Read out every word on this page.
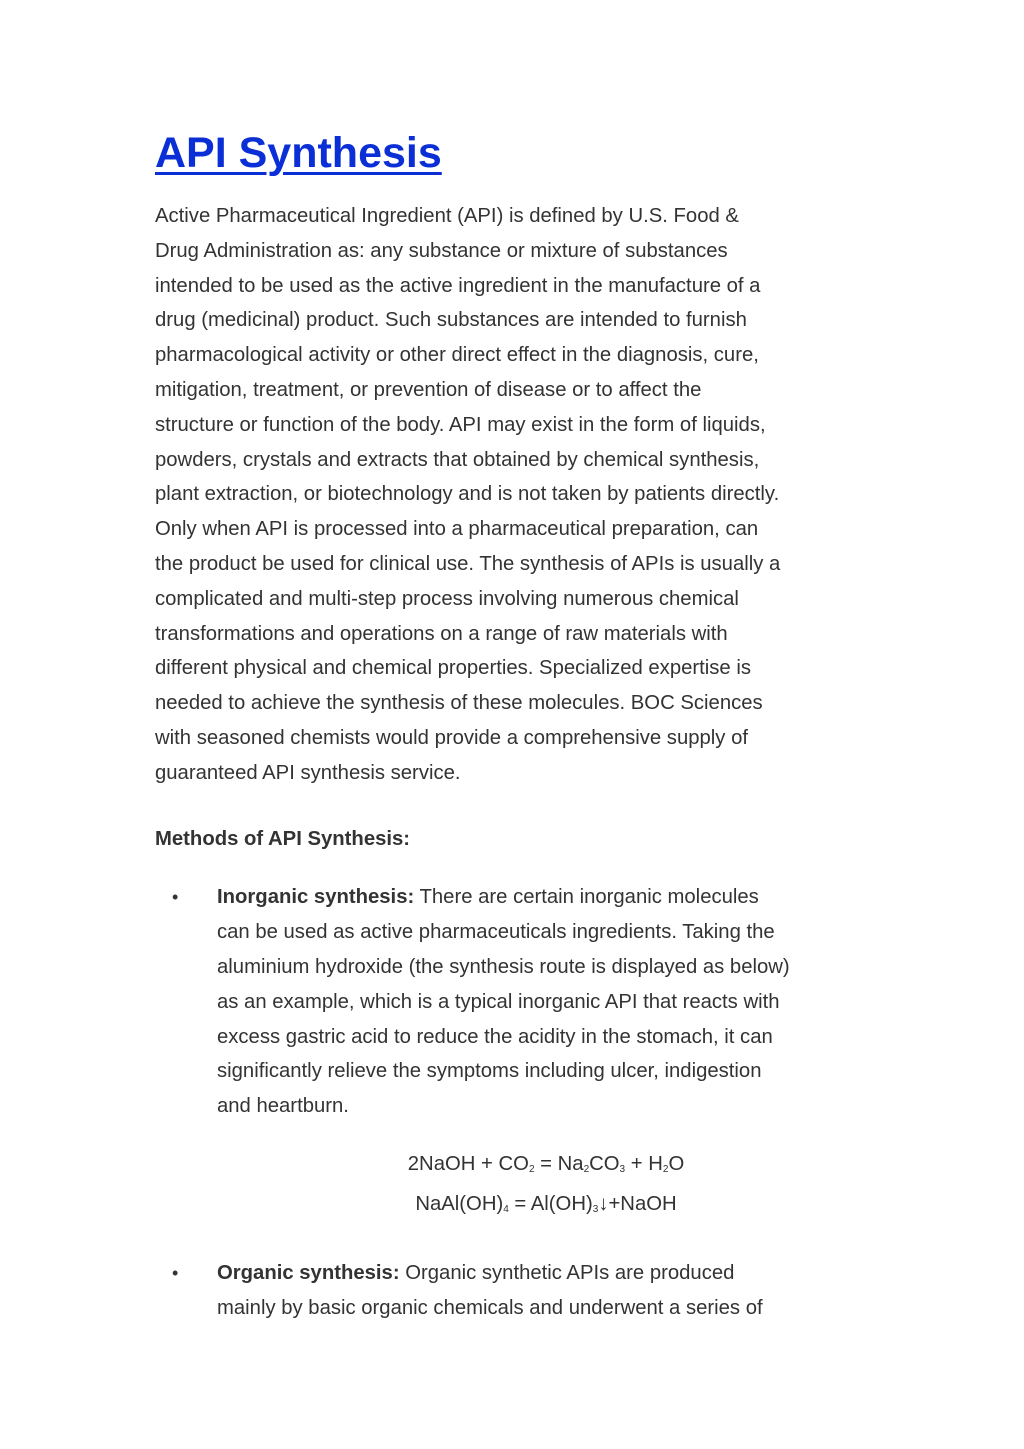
API Synthesis

Active Pharmaceutical Ingredient (API) is defined by U.S. Food &
Drug Administration as: any substance or mixture of substances
intended to be used as the active ingredient in the manufacture of a
drug (medicinal) product. Such substances are intended to furnish
pharmacological activity or other direct effect in the diagnosis, cure,
mitigation, treatment, or prevention of disease or to affect the
structure or function of the body. API may exist in the form of liquids,
powders, crystals and extracts that obtained by chemical synthesis,
plant extraction, or biotechnology and is not taken by patients directly.
Only when API is processed into a pharmaceutical preparation, can
the product be used for clinical use. The synthesis of APIs is usually a
complicated and multi-step process involving numerous chemical
transformations and operations on a range of raw materials with
different physical and chemical properties. Specialized expertise is
needed to achieve the synthesis of these molecules. BOC Sciences
with seasoned chemists would provide a comprehensive supply of
guaranteed API synthesis service.

Methods of API Synthesis:

• Inorganic synthesis: There are certain inorganic molecules
can be used as active pharmaceuticals ingredients. Taking the
aluminium hydroxide (the synthesis route is displayed as below)
as an example, which is a typical inorganic API that reacts with
excess gastric acid to reduce the acidity in the stomach, it can
significantly relieve the symptoms including ulcer, indigestion
and heartburn.
2NaOH + $CO_2 = Na_2CO_3 + H_2O$
$NaAl(OH)_4$ = $Al(OH)_3↓+NaOH$
• Organic synthesis: Organic synthetic APIs are produced
mainly by basic organic chemicals and underwent a series of
